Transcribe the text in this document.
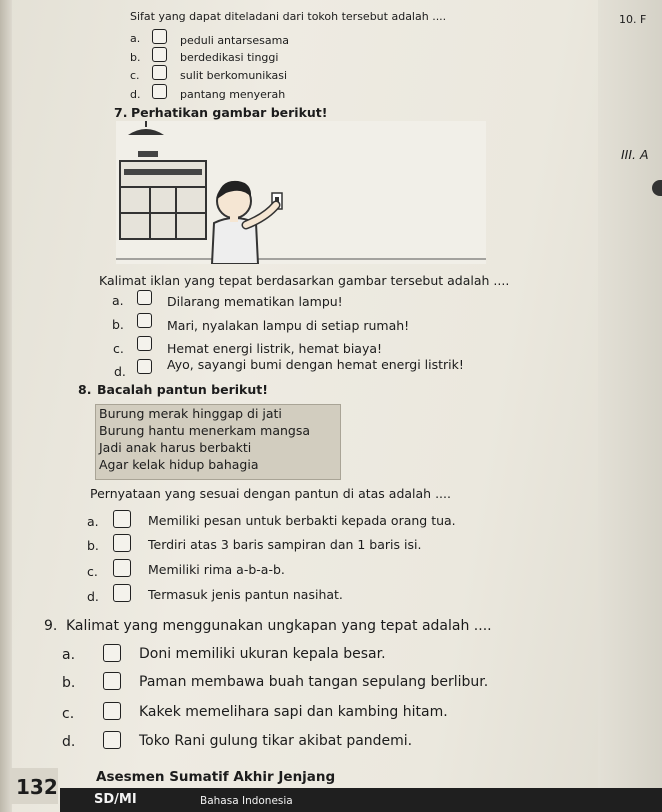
Sifat yang dapat diteladani dari tokoh tersebut adalah ....
a.	peduli antarsesama
b.	berdedikasi tinggi
c.	sulit berkomunikasi
d.	pantang menyerah
7. Perhatikan gambar berikut!
Kalimat iklan yang tepat berdasarkan gambar tersebut adalah ....
a.	Dilarang mematikan lampu!
b.	Mari, nyalakan lampu di setiap rumah!
c.	Hemat energi listrik, hemat biaya!
d.	Ayo, sayangi bumi dengan hemat energi listrik!
8. Bacalah pantun berikut!
Burung merak hinggap di jati
Burung hantu menerkam mangsa
Jadi anak harus berbakti
Agar kelak hidup bahagia
Pernyataan yang sesuai dengan pantun di atas adalah ....
a.	Memiliki pesan untuk berbakti kepada orang tua.
b.	Terdiri atas 3 baris sampiran dan 1 baris isi.
c.	Memiliki rima a-b-a-b.
d.	Termasuk jenis pantun nasihat.
9. Kalimat yang menggunakan ungkapan yang tepat adalah ....
a.	Doni memiliki ukuran kepala besar.
b.	Paman membawa buah tangan sepulang berlibur.
c.	Kakek memelihara sapi dan kambing hitam.
d.	Toko Rani gulung tikar akibat pandemi.
10. F
III. A
132	Asesmen Sumatif Akhir Jenjang
SD/MI	Bahasa Indonesia
